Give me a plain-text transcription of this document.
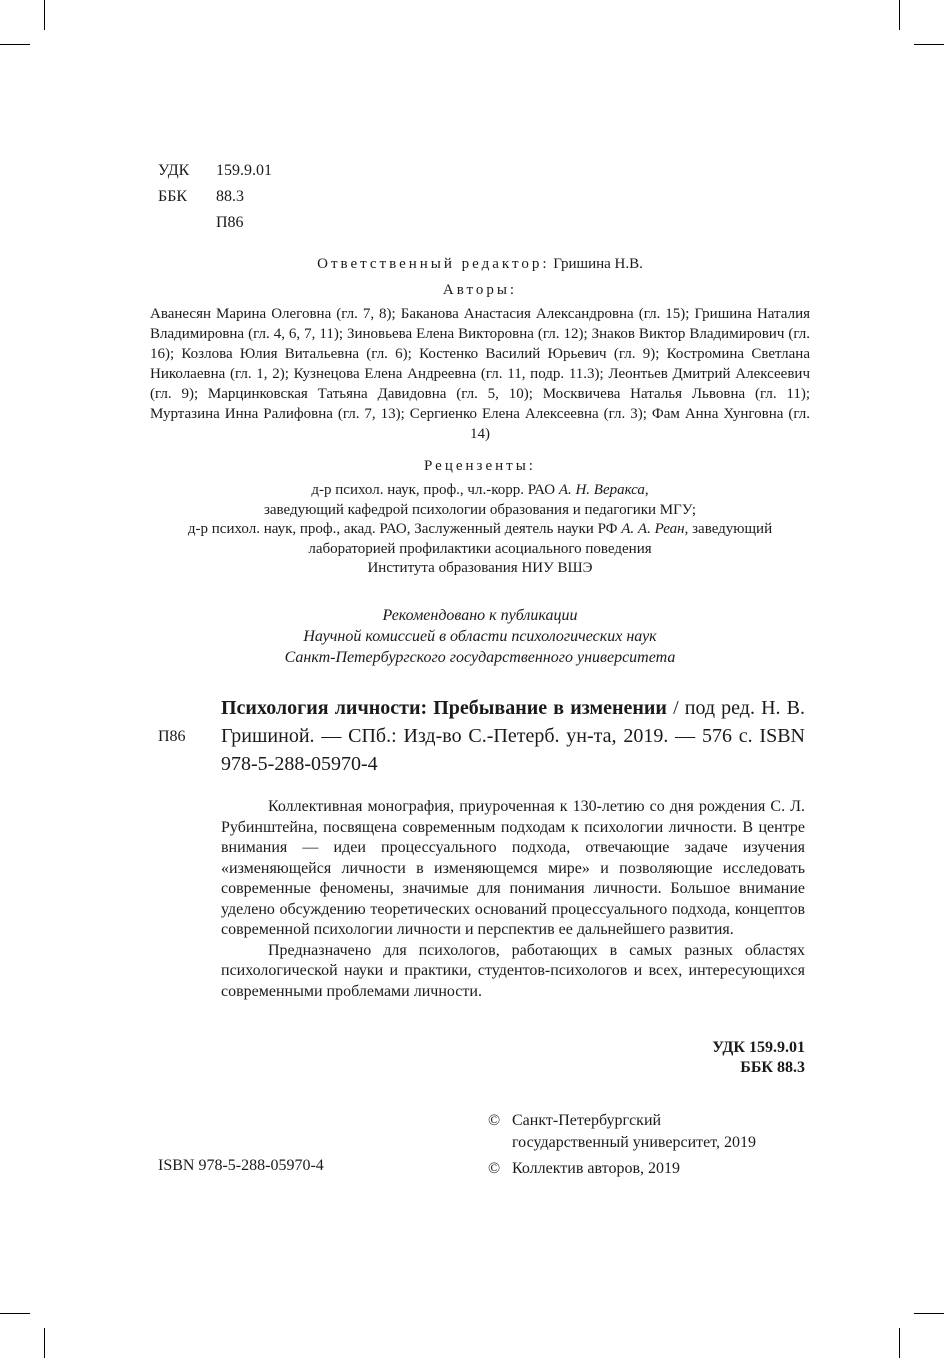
УДК	159.9.01
ББК	88.3
П86
Ответственный редактор: Гришина Н.В.
Авторы:
Аванесян Марина Олеговна (гл. 7, 8); Баканова Анастасия Александровна (гл. 15); Гришина Наталия Владимировна (гл. 4, 6, 7, 11); Зиновьева Елена Викторовна (гл. 12); Знаков Виктор Владимирович (гл. 16); Козлова Юлия Витальевна (гл. 6); Костенко Василий Юрьевич (гл. 9); Костромина Светлана Николаевна (гл. 1, 2); Кузнецова Елена Андреевна (гл. 11, подр. 11.3); Леонтьев Дмитрий Алексеевич (гл. 9); Марцинковская Татьяна Давидовна (гл. 5, 10); Москвичева Наталья Львовна (гл. 11); Муртазина Инна Ралифовна (гл. 7, 13); Сергиенко Елена Алексеевна (гл. 3); Фам Анна Хунговна (гл. 14)
Рецензенты:
д-р психол. наук, проф., чл.-корр. РАО А. Н. Веракса,
заведующий кафедрой психологии образования и педагогики МГУ;
д-р психол. наук, проф., акад. РАО, Заслуженный деятель науки РФ А. А. Реан, заведующий
лабораторией профилактики асоциального поведения
Института образования НИУ ВШЭ
Рекомендовано к публикации
Научной комиссией в области психологических наук
Санкт-Петербургского государственного университета
П86
Психология личности: Пребывание в изменении / под ред. Н. В. Гришиной. — СПб.: Изд-во С.-Петерб. ун-та, 2019. — 576 с. ISBN 978-5-288-05970-4

Коллективная монография, приуроченная к 130-летию со дня рождения С. Л. Рубинштейна, посвящена современным подходам к психологии личности. В центре внимания — идеи процессуального подхода, отвечающие задаче изучения «изменяющейся личности в изменяющемся мире» и позволяющие исследовать современные феномены, значимые для понимания личности. Большое внимание уделено обсуждению теоретических оснований процессуального подхода, концептов современной психологии личности и перспектив ее дальнейшего развития.

Предназначено для психологов, работающих в самых разных областях психологической науки и практики, студентов-психологов и всех, интересующихся современными проблемами личности.

УДК 159.9.01
ББК 88.3
ISBN 978-5-288-05970-4
© Санкт-Петербургский
государственный университет, 2019
© Коллектив авторов, 2019
